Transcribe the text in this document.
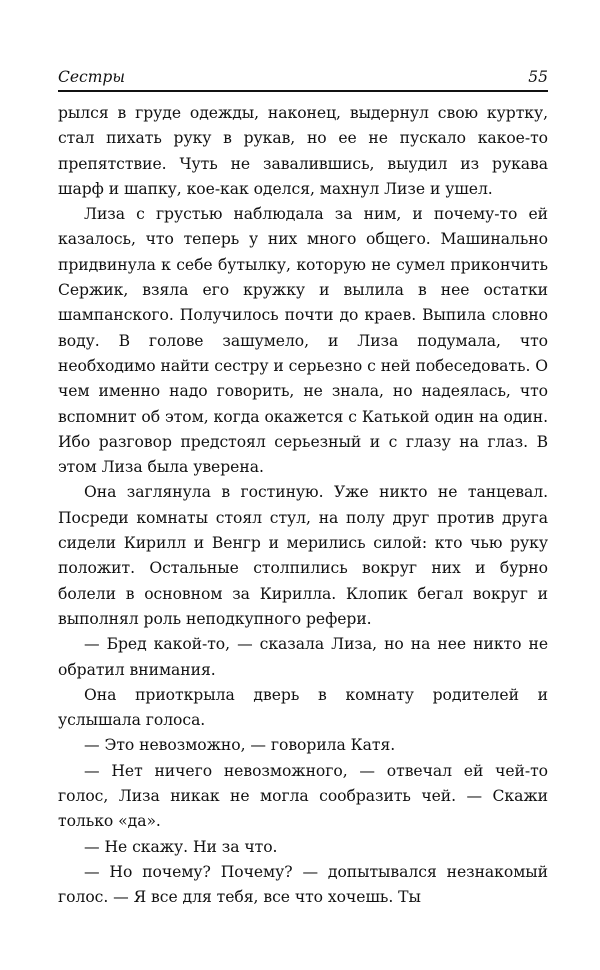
Сестры	55

рылся в груде одежды, наконец, выдернул свою куртку, стал пихать руку в рукав, но ее не пускало какое-то препятствие. Чуть не завалившись, выудил из рукава шарф и шапку, кое-как оделся, махнул Лизе и ушел.

Лиза с грустью наблюдала за ним, и почему-то ей казалось, что теперь у них много общего. Машинально придвинула к себе бутылку, которую не сумел прикончить Сержик, взяла его кружку и вылила в нее остатки шампанского. Получилось почти до краев. Выпила словно воду. В голове зашумело, и Лиза подумала, что необходимо найти сестру и серьезно с ней побеседовать. О чем именно надо говорить, не знала, но надеялась, что вспомнит об этом, когда окажется с Катькой один на один. Ибо разговор предстоял серьезный и с глазу на глаз. В этом Лиза была уверена.

Она заглянула в гостиную. Уже никто не танцевал. Посреди комнаты стоял стул, на полу друг против друга сидели Кирилл и Венгр и мерились силой: кто чью руку положит. Остальные столпились вокруг них и бурно болели в основном за Кирилла. Клопик бегал вокруг и выполнял роль неподкупного рефери.

— Бред какой-то, — сказала Лиза, но на нее никто не обратил внимания.

Она приоткрыла дверь в комнату родителей и услышала голоса.

— Это невозможно, — говорила Катя.

— Нет ничего невозможного, — отвечал ей чей-то голос, Лиза никак не могла сообразить чей. — Скажи только «да».

— Не скажу. Ни за что.

— Но почему? Почему? — допытывался незнакомый голос. — Я все для тебя, все что хочешь. Ты
